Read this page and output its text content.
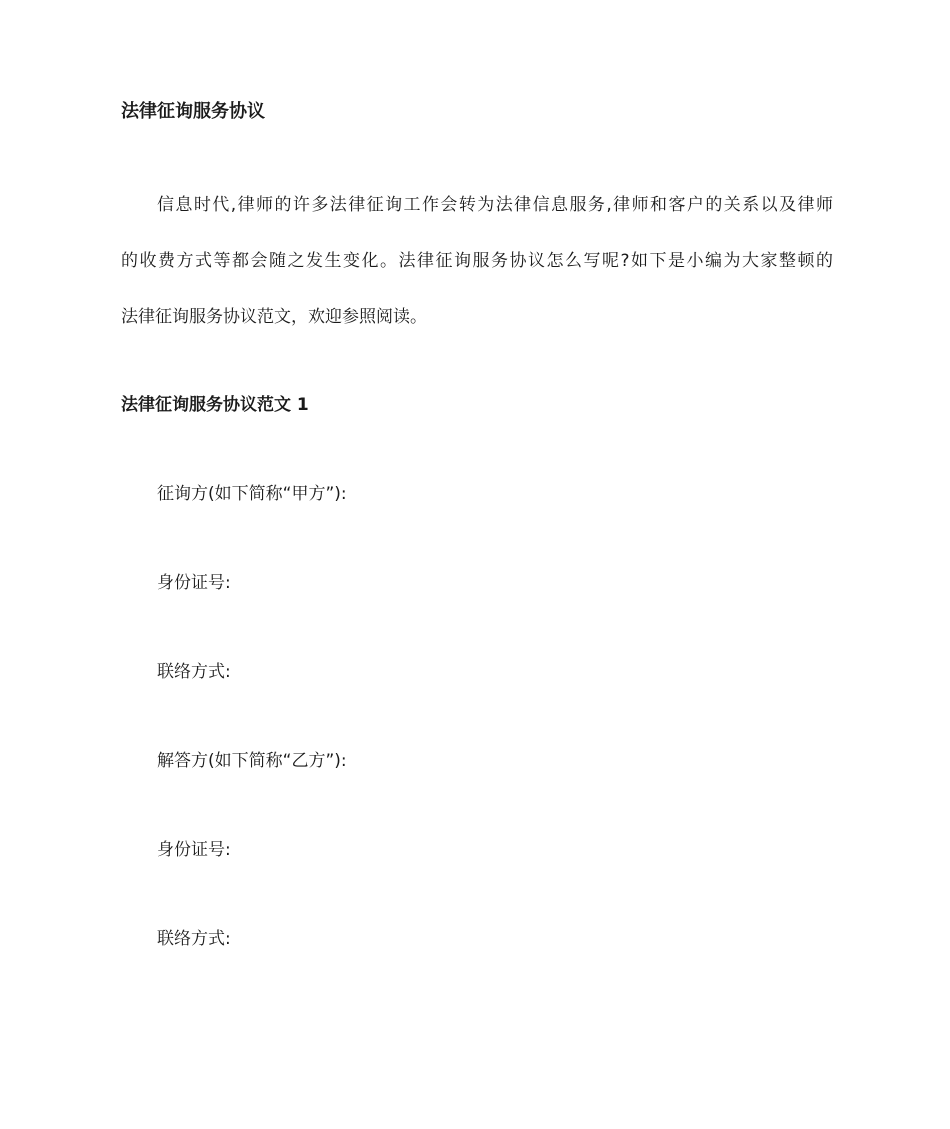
法律征询服务协议
信息时代,律师的许多法律征询工作会转为法律信息服务,律师和客户的关系以及律师
的收费方式等都会随之发生变化。法律征询服务协议怎么写呢?如下是小编为大家整顿的
法律征询服务协议范文，欢迎参照阅读。
法律征询服务协议范文 1
征询方(如下简称“甲方”):
身份证号:
联络方式:
解答方(如下简称“乙方”):
身份证号:
联络方式:
